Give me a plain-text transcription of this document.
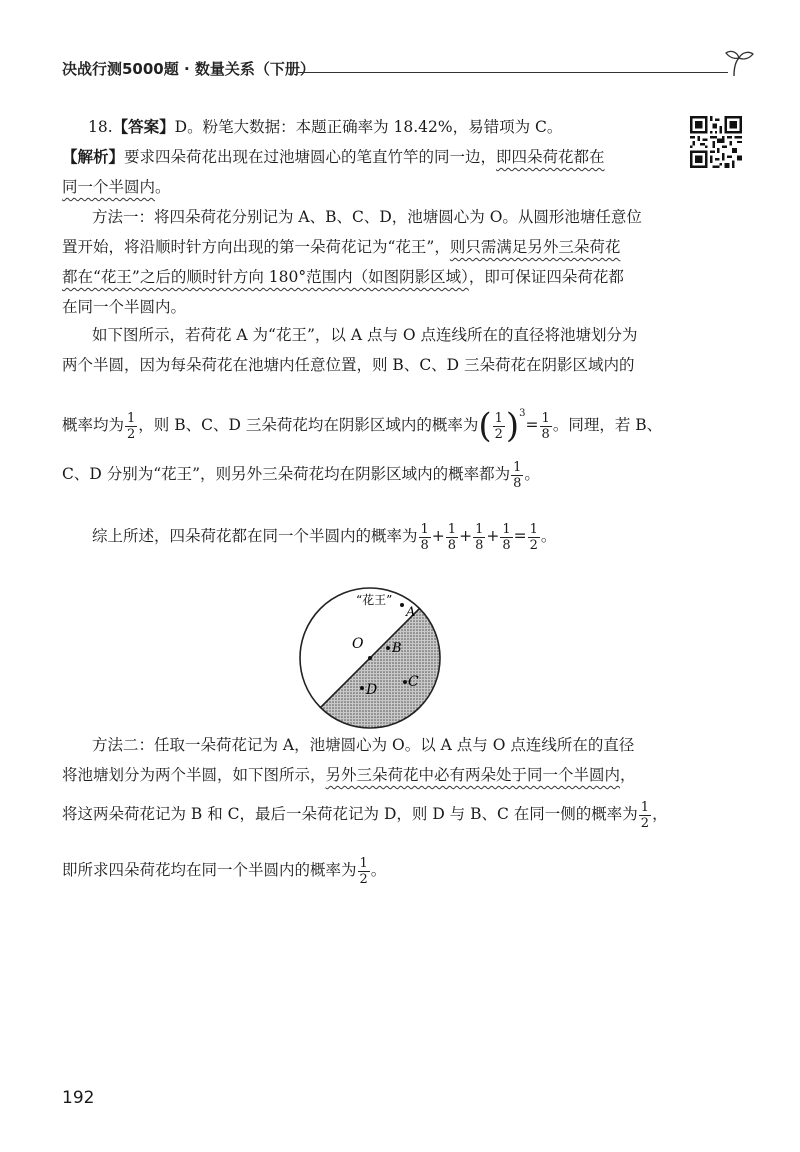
决战行测5000题 · 数量关系（下册）

18.【答案】D。粉笔大数据：本题正确率为 18.42%，易错项为 C。

【解析】要求四朵荷花出现在过池塘圆心的笔直竹竿的同一边，即四朵荷花都在
同一个半圆内。

方法一：将四朵荷花分别记为 A、B、C、D，池塘圆心为 O。从圆形池塘任意位
置开始，将沿顺时针方向出现的第一朵荷花记为“花王”，则只需满足另外三朵荷花
都在“花王”之后的顺时针方向 180°范围内（如图阴影区域），即可保证四朵荷花都
在同一个半圆内。

如下图所示，若荷花 A 为“花王”，以 A 点与 O 点连线所在的直径将池塘划分为
两个半圆，因为每朵荷花在池塘内任意位置，则 B、C、D 三朵荷花在阴影区域内的

概率均为 $\frac{1}{2}$ ，则 B、C、D 三朵荷花均在阴影区域内的概率为( $\frac{1}{2} )^3= \frac{1}{8}$ 。同理，若 B、
C、D 分别为“花王”，则另外三朵荷花均在阴影区域内的概率都为 $\frac{1}{8}$ 。
综上所述，四朵荷花都在同一个半圆内的概率为 $\frac{1}{8} + \frac{1}{8} + \frac{1}{8} + \frac{1}{8} = \frac{1}{2}$ 。
“花王”
A
O B
C
D

方法二：任取一朵荷花记为 A，池塘圆心为 O。以 A 点与 O 点连线所在的直径
将池塘划分为两个半圆，如下图所示，另外三朵荷花中必有两朵处于同一个半圆内，

将这两朵荷花记为 B 和 C，最后一朵荷花记为 D，则 D 与 B、C 在同一侧的概率为 $\frac{1}{2}$ ，
即所求四朵荷花均在同一个半圆内的概率为 $\frac{1}{2}$ 。
192
